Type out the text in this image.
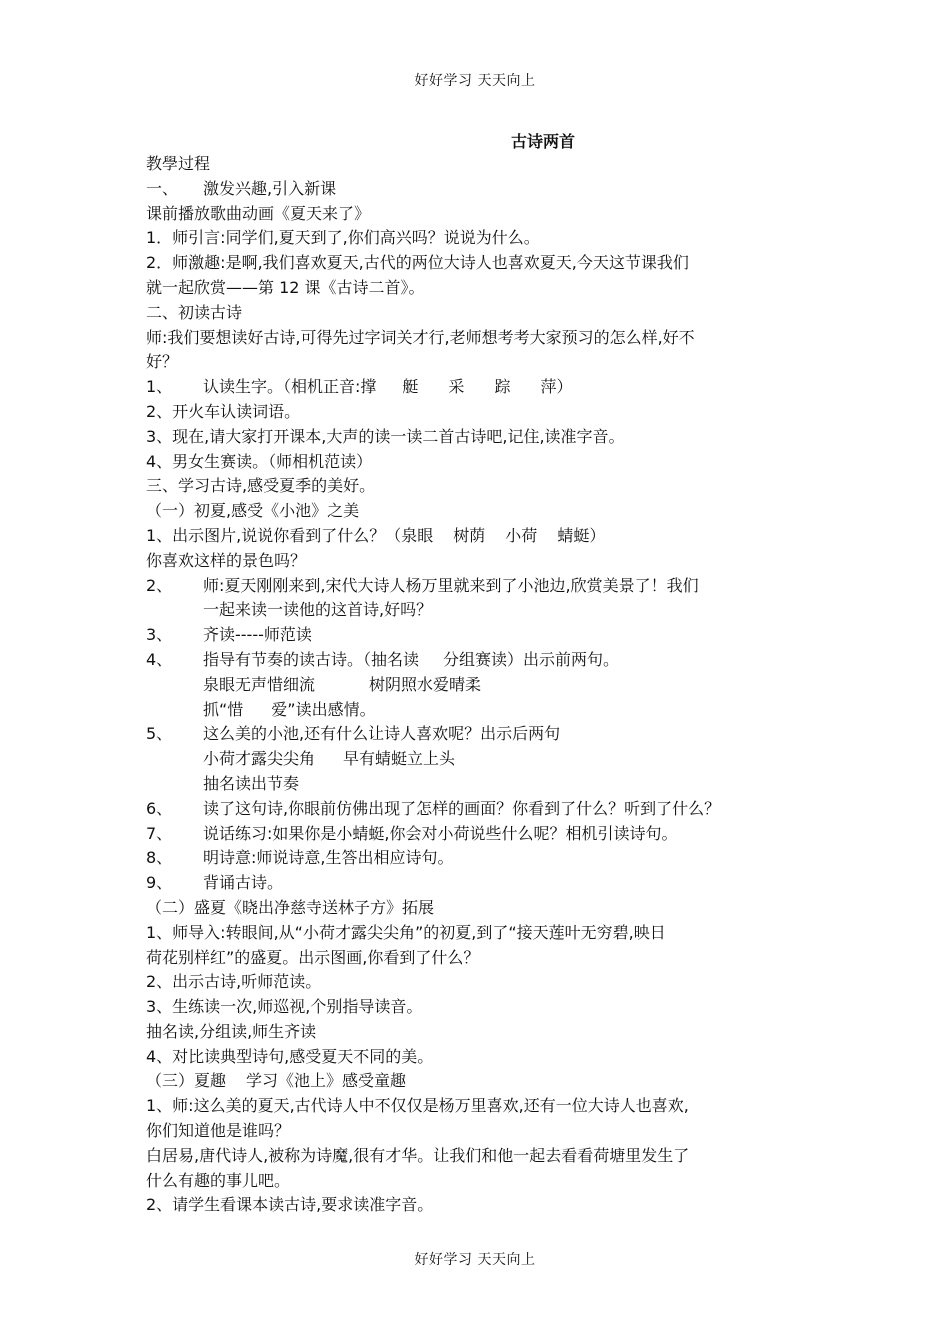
好好学习 天天向上
古诗两首
教學过程
一、 激发兴趣,引入新课
课前播放歌曲动画《夏天来了》
1．师引言:同学们,夏天到了,你们高兴吗？说说为什么。
2．师激趣:是啊,我们喜欢夏天,古代的两位大诗人也喜欢夏天,今天这节课我们
就一起欣赏——第 12 课《古诗二首》。
二、初读古诗
师:我们要想读好古诗,可得先过字词关才行,老师想考考大家预习的怎么样,好不
好？
1、 认读生字。（相机正音:撑 艇 采 踪 萍）
2、开火车认读词语。
3、现在,请大家打开课本,大声的读一读二首古诗吧,记住,读准字音。
4、男女生赛读。（师相机范读）
三、学习古诗,感受夏季的美好。
（一）初夏,感受《小池》之美
1、出示图片,说说你看到了什么？（泉眼 树荫 小荷 蜻蜓）
你喜欢这样的景色吗？
2、 师:夏天刚刚来到,宋代大诗人杨万里就来到了小池边,欣赏美景了！我们
一起来读一读他的这首诗,好吗？
3、 齐读-----师范读
4、 指导有节奏的读古诗。（抽名读 分组赛读）出示前两句。
泉眼无声惜细流	树阴照水爱晴柔
抓“惜 爱”读出感情。
5、 这么美的小池,还有什么让诗人喜欢呢？出示后两句
小荷才露尖尖角 早有蜻蜓立上头
抽名读出节奏
6、 读了这句诗,你眼前仿佛出现了怎样的画面？你看到了什么？听到了什么？
7、 说话练习:如果你是小蜻蜓,你会对小荷说些什么呢？相机引读诗句。
8、 明诗意:师说诗意,生答出相应诗句。
9、 背诵古诗。
（二）盛夏《晓出净慈寺送林子方》拓展
1、师导入:转眼间,从“小荷才露尖尖角”的初夏,到了“接天莲叶无穷碧,映日
荷花别样红”的盛夏。出示图画,你看到了什么？
2、出示古诗,听师范读。
3、生练读一次,师巡视,个别指导读音。
抽名读,分组读,师生齐读
4、对比读典型诗句,感受夏天不同的美。
（三）夏趣 学习《池上》感受童趣
1、师:这么美的夏天,古代诗人中不仅仅是杨万里喜欢,还有一位大诗人也喜欢,
你们知道他是谁吗？
白居易,唐代诗人,被称为诗魔,很有才华。让我们和他一起去看看荷塘里发生了
什么有趣的事儿吧。
2、请学生看课本读古诗,要求读准字音。
好好学习 天天向上
